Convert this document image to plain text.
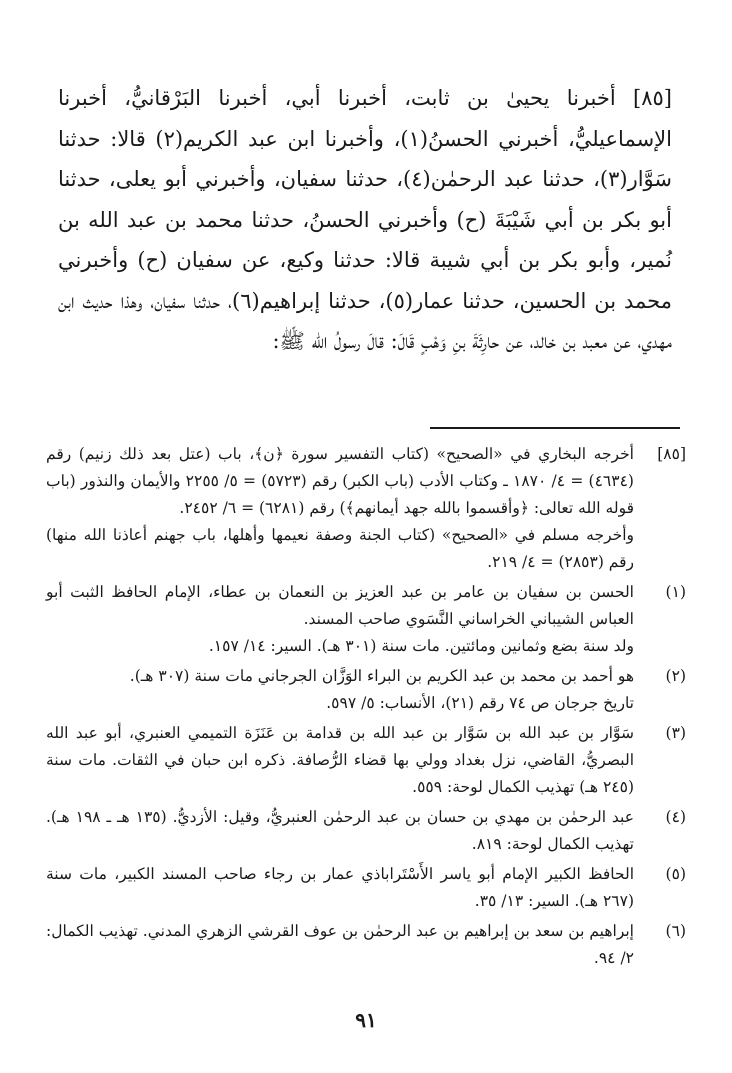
[٨٥] أخبرنا يحيىٰ بن ثابت، أخبرنا أبي، أخبرنا البَرْقانيُّ، أخبرنا الإسماعيليُّ، أخبرني الحسنُ(١)، وأخبرنا ابن عبد الكريم(٢) قالا: حدثنا سَوَّار(٣)، حدثنا عبد الرحمٰن(٤)، حدثنا سفيان، وأخبرني أبو يعلى، حدثنا أبو بكر بن أبي شَيْبَةَ (ح) وأخبرني الحسنُ، حدثنا محمد بن عبد الله بن نُمير، وأبو بكر بن أبي شيبة قالا: حدثنا وكيع، عن سفيان (ح) وأخبرني محمد بن الحسين، حدثنا عمار(٥)، حدثنا إبراهيم(٦)، حدثنا سفيان، وهذا حديث ابن مهدي، عن معبد بن خالد، عن حارِثَةَ بنِ وَهْبٍ قَالَ: قالَ رسولُ الله ﷺ:

[٨٥]

أخرجه البخاري في «الصحيح» (كتاب التفسير سورة ﴿ن﴾، باب (عتل بعد ذلك زنيم) رقم (٤٦٣٤) = ٤/ ١٨٧٠ ـ وكتاب الأدب (باب الكبر) رقم (٥٧٢٣) = ٥/ ٢٢٥٥ والأيمان والنذور (باب قوله الله تعالى: ﴿وأقسموا بالله جهد أيمانهم﴾) رقم (٦٢٨١) = ٦/ ٢٤٥٢.

وأخرجه مسلم في «الصحيح» (كتاب الجنة وصفة نعيمها وأهلها، باب جهنم أعاذنا الله منها) رقم (٢٨٥٣) = ٤/ ٢١٩.

(١)

الحسن بن سفيان بن عامر بن عبد العزيز بن النعمان بن عطاء، الإمام الحافظ الثبت أبو العباس الشيباني الخراساني النَّسَوي صاحب المسند.

ولد سنة بضع وثمانين ومائتين. مات سنة (٣٠١ هـ). السير: ١٤/ ١٥٧.

(٢)

هو أحمد بن محمد بن عبد الكريم بن البراء الوَزَّان الجرجاني مات سنة (٣٠٧ هـ).

تاريخ جرجان ص ٧٤ رقم (٢١)، الأنساب: ٥/ ٥٩٧.

(٣)

سَوَّار بن عبد الله بن سَوَّار بن عبد الله بن قدامة بن عَنَزَة التميمي العنبري، أبو عبد الله البصريُّ، القاضي، نزل بغداد وولي بها قضاء الرُّصافة. ذكره ابن حبان في الثقات. مات سنة (٢٤٥ هـ) تهذيب الكمال لوحة: ٥٥٩.

(٤)

عبد الرحمٰن بن مهدي بن حسان بن عبد الرحمٰن العنبريُّ، وقيل: الأزديُّ. (١٣٥ هـ ـ ١٩٨ هـ). تهذيب الكمال لوحة: ٨١٩.

(٥)

الحافظ الكبير الإمام أبو ياسر الأَسْتَراباذي عمار بن رجاء صاحب المسند الكبير، مات سنة (٢٦٧ هـ). السير: ١٣/ ٣٥.

(٦)

إبراهيم بن سعد بن إبراهيم بن عبد الرحمٰن بن عوف القرشي الزهري المدني. تهذيب الكمال: ٢/ ٩٤.

٩١
